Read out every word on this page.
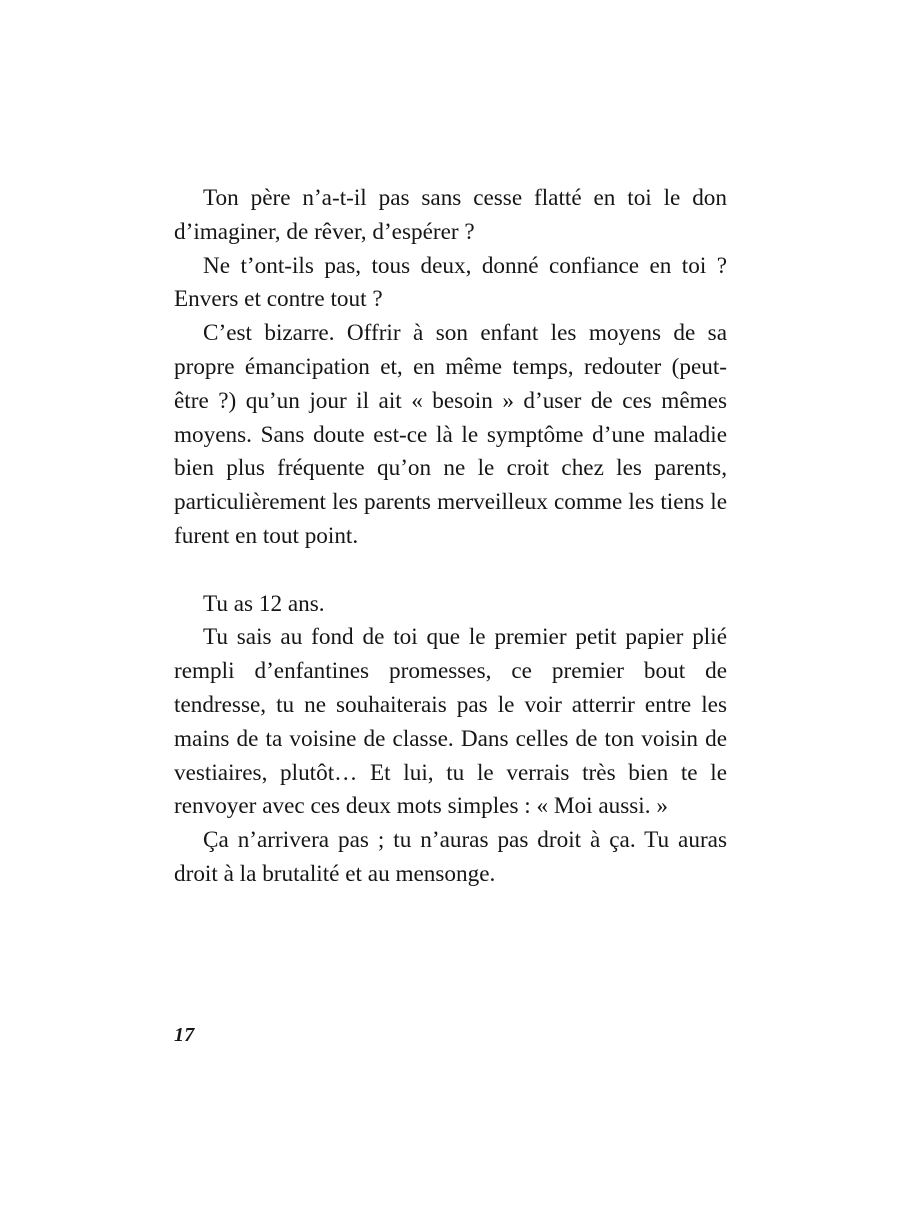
Ton père n’a-t-il pas sans cesse flatté en toi le don d’imaginer, de rêver, d’espérer ?

Ne t’ont-ils pas, tous deux, donné confiance en toi ? Envers et contre tout ?

C’est bizarre. Offrir à son enfant les moyens de sa propre émancipation et, en même temps, redouter (peut-être ?) qu’un jour il ait « besoin » d’user de ces mêmes moyens. Sans doute est-ce là le symptôme d’une maladie bien plus fréquente qu’on ne le croit chez les parents, particulièrement les parents merveilleux comme les tiens le furent en tout point.

Tu as 12 ans.

Tu sais au fond de toi que le premier petit papier plié rempli d’enfantines promesses, ce premier bout de tendresse, tu ne souhaiterais pas le voir atterrir entre les mains de ta voisine de classe. Dans celles de ton voisin de vestiaires, plutôt… Et lui, tu le verrais très bien te le renvoyer avec ces deux mots simples : « Moi aussi. »

Ça n’arrivera pas ; tu n’auras pas droit à ça. Tu auras droit à la brutalité et au mensonge.

17
